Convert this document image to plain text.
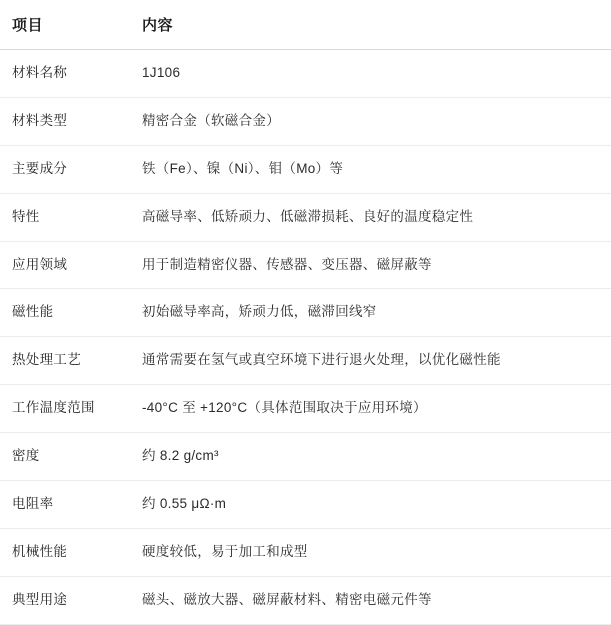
项目	内容
材料名称	1J106
材料类型	精密合金（软磁合金）
主要成分	铁（Fe）、镍（Ni）、钼（Mo）等
特性	高磁导率、低矫顽力、低磁滞损耗、良好的温度稳定性
应用领域	用于制造精密仪器、传感器、变压器、磁屏蔽等
磁性能	初始磁导率高，矫顽力低，磁滞回线窄
热处理工艺	通常需要在氢气或真空环境下进行退火处理，以优化磁性能
工作温度范围	-40°C 至 +120°C（具体范围取决于应用环境）
密度	约 8.2 g/cm³
电阻率	约 0.55 μΩ·m
机械性能	硬度较低，易于加工和成型
典型用途	磁头、磁放大器、磁屏蔽材料、精密电磁元件等
